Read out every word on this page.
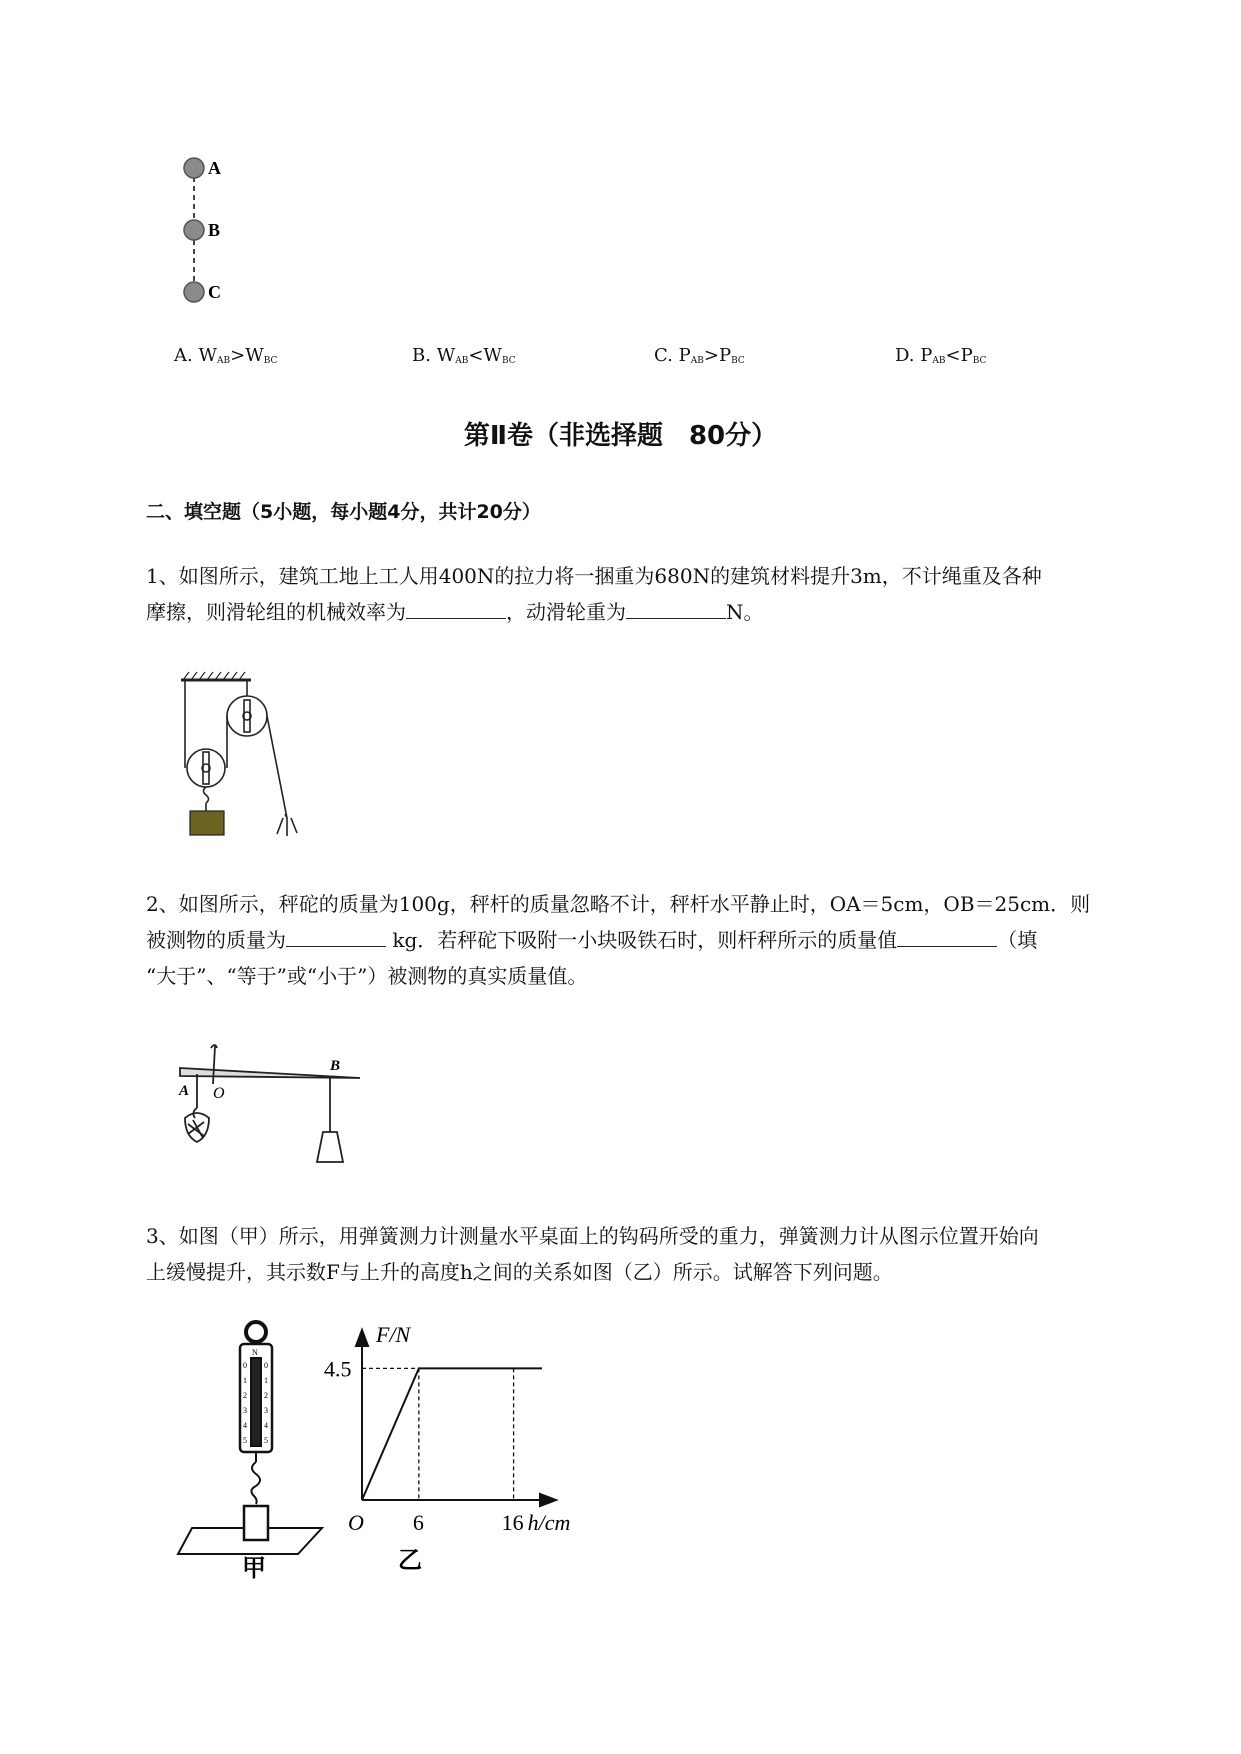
A
B
C
A. $W_{AB}>W_{BC}$	B. $W_{AB}<W_{BC}$	C. $P_{AB}>P_{BC}$	D. $P_{AB}<P_{BC}$
第Ⅱ卷（非选择题　80分）
二、填空题（5小题，每小题4分，共计20分）
1、如图所示，建筑工地上工人用400N的拉力将一捆重为680N的建筑材料提升3m，不计绳重及各种
摩擦，则滑轮组的机械效率为	，动滑轮重为	N。
2、如图所示，秤砣的质量为100g，秤杆的质量忽略不计，秤杆水平静止时，OA＝5cm，OB＝25cm．则
被测物的质量为	kg．若秤砣下吸附一小块吸铁石时，则杆秤所示的质量值	（填
“大于”、“等于”或“小于”）被测物的真实质量值。
A O
B
3、如图（甲）所示，用弹簧测力计测量水平桌面上的钩码所受的重力，弹簧测力计从图示位置开始向
上缓慢提升，其示数F与上升的高度h之间的关系如图（乙）所示。试解答下列问题。
N
0
1
2
3
4
5
0
1
2
3
4
5
甲
F/N
4.5
6	16 h/cm
O
乙
